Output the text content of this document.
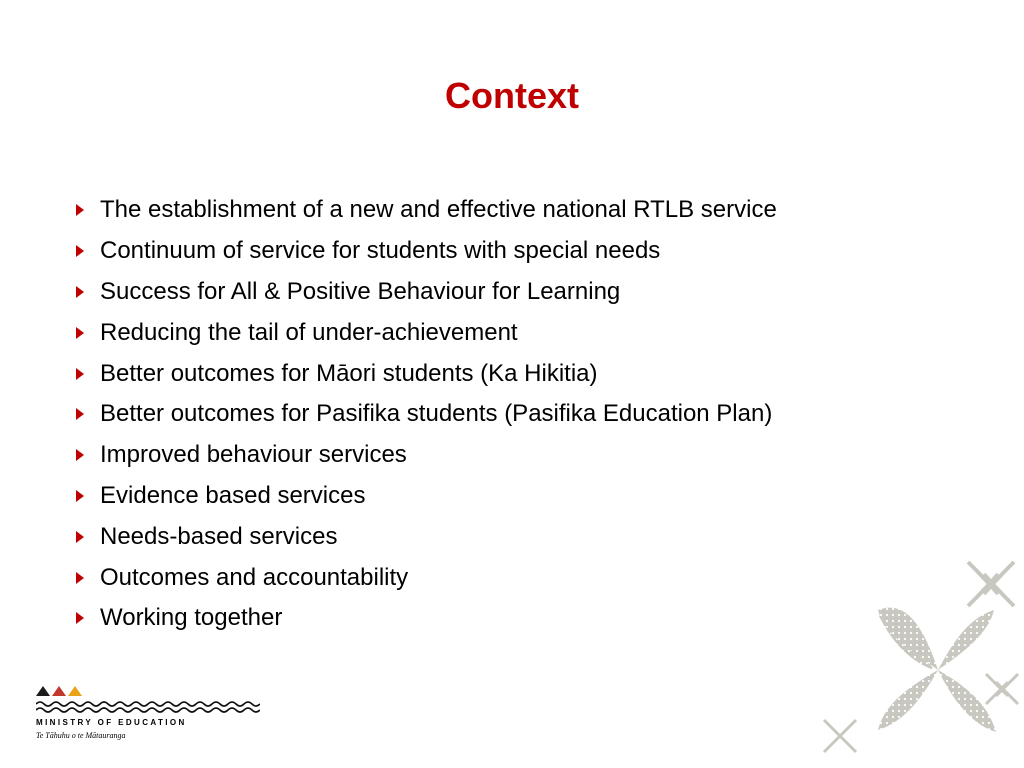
Context
The establishment of a new and effective national RTLB service
Continuum of service for students with special needs
Success for All & Positive Behaviour for Learning
Reducing the tail of under-achievement
Better outcomes for Māori students (Ka Hikitia)
Better outcomes for Pasifika students (Pasifika Education Plan)
Improved behaviour services
Evidence based services
Needs-based services
Outcomes and accountability
Working together
MINISTRY OF EDUCATION
Te Tāhuhu o te Mātauranga
